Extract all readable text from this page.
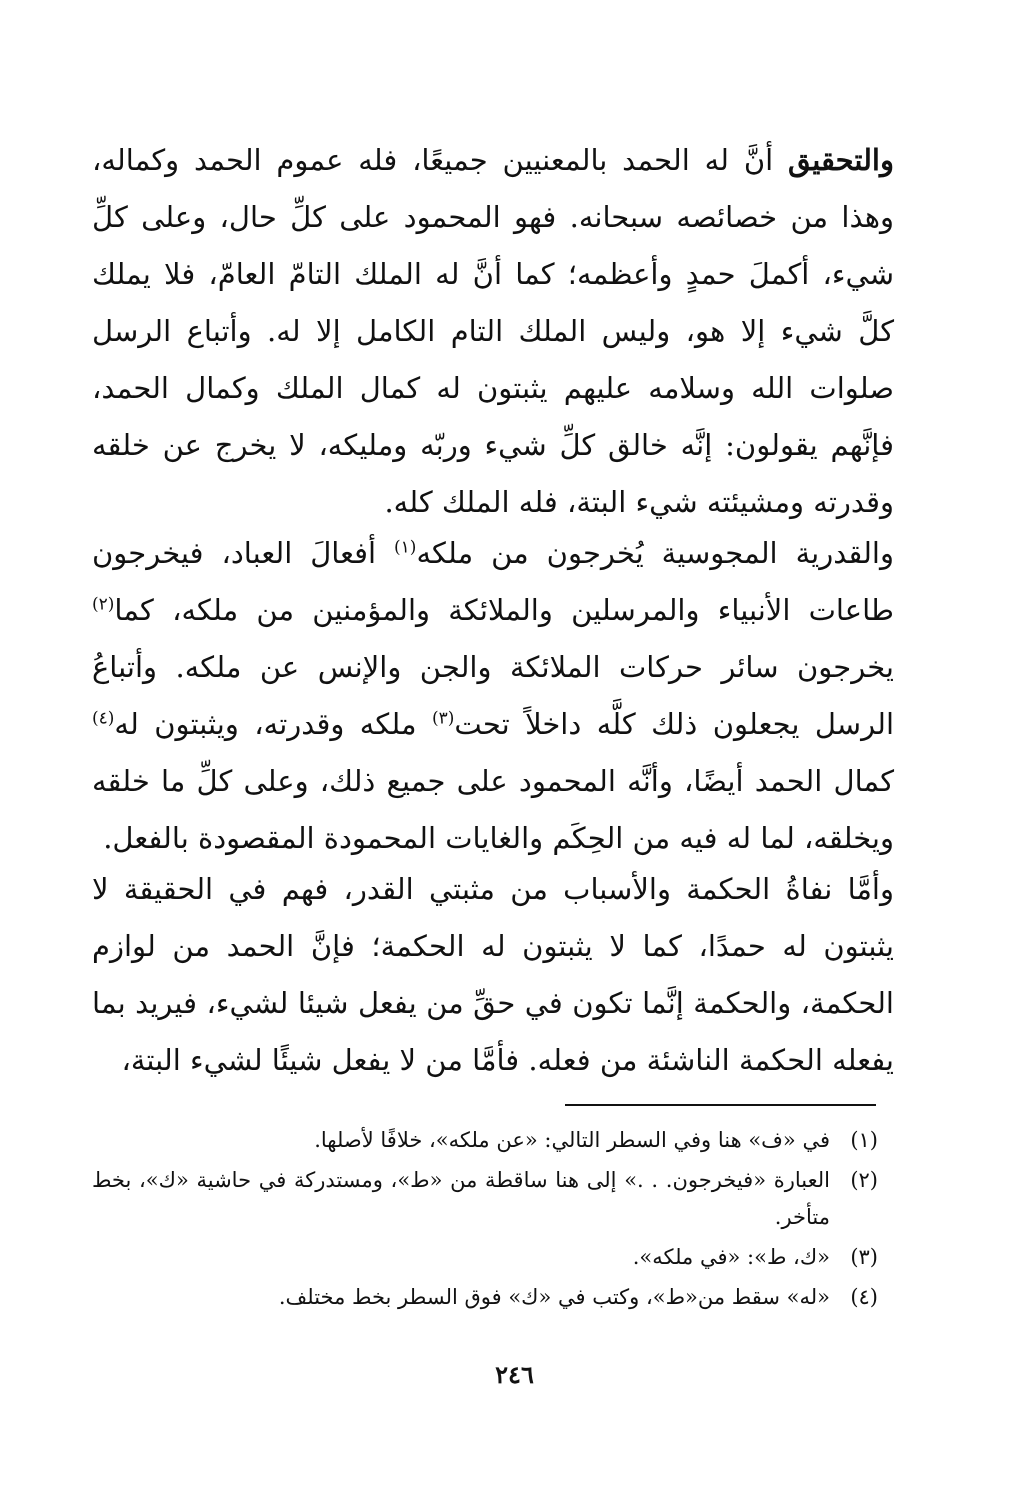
والتحقيق أنَّ له الحمد بالمعنيين جميعًا، فله عموم الحمد وكماله، وهذا من خصائصه سبحانه. فهو المحمود على كلِّ حال، وعلى كلِّ شيء، أكملَ حمدٍ وأعظمه؛ كما أنَّ له الملك التامّ العامّ، فلا يملك كلَّ شيء إلا هو، وليس الملك التام الكامل إلا له. وأتباع الرسل صلوات الله وسلامه عليهم يثبتون له كمال الملك وكمال الحمد، فإنَّهم يقولون: إنَّه خالق كلِّ شيء وربّه ومليكه، لا يخرج عن خلقه وقدرته ومشيئته شيء البتة، فله الملك كله.

والقدرية المجوسية يُخرجون من ملكه$^{(١)}$ أفعالَ العباد، فيخرجون طاعات الأنبياء والمرسلين والملائكة والمؤمنين من ملكه، كما$^{(٢)}$ يخرجون سائر حركات الملائكة والجن والإنس عن ملكه. وأتباعُ الرسل يجعلون ذلك كلَّه داخلاً تحت$^{(٣)}$ ملكه وقدرته، ويثبتون له$^{(٤)}$ كمال الحمد أيضًا، وأنَّه المحمود على جميع ذلك، وعلى كلِّ ما خلقه ويخلقه، لما له فيه من الحِكَم والغايات المحمودة المقصودة بالفعل.

وأمَّا نفاةُ الحكمة والأسباب من مثبتي القدر، فهم في الحقيقة لا يثبتون له حمدًا، كما لا يثبتون له الحكمة؛ فإنَّ الحمد من لوازم الحكمة، والحكمة إنَّما تكون في حقِّ من يفعل شيئا لشيء، فيريد بما يفعله الحكمة الناشئة من فعله. فأمَّا من لا يفعل شيئًا لشيء البتة،

(١)
في «ف» هنا وفي السطر التالي: «عن ملكه»، خلافًا لأصلها.
(٢)
العبارة «فيخرجون. . .» إلى هنا ساقطة من «ط»، ومستدركة في حاشية «ك»، بخط متأخر.
(٣)
«ك، ط»: «في ملكه».
(٤)
«له» سقط من«ط»، وكتب في «ك» فوق السطر بخط مختلف.
٢٤٦
